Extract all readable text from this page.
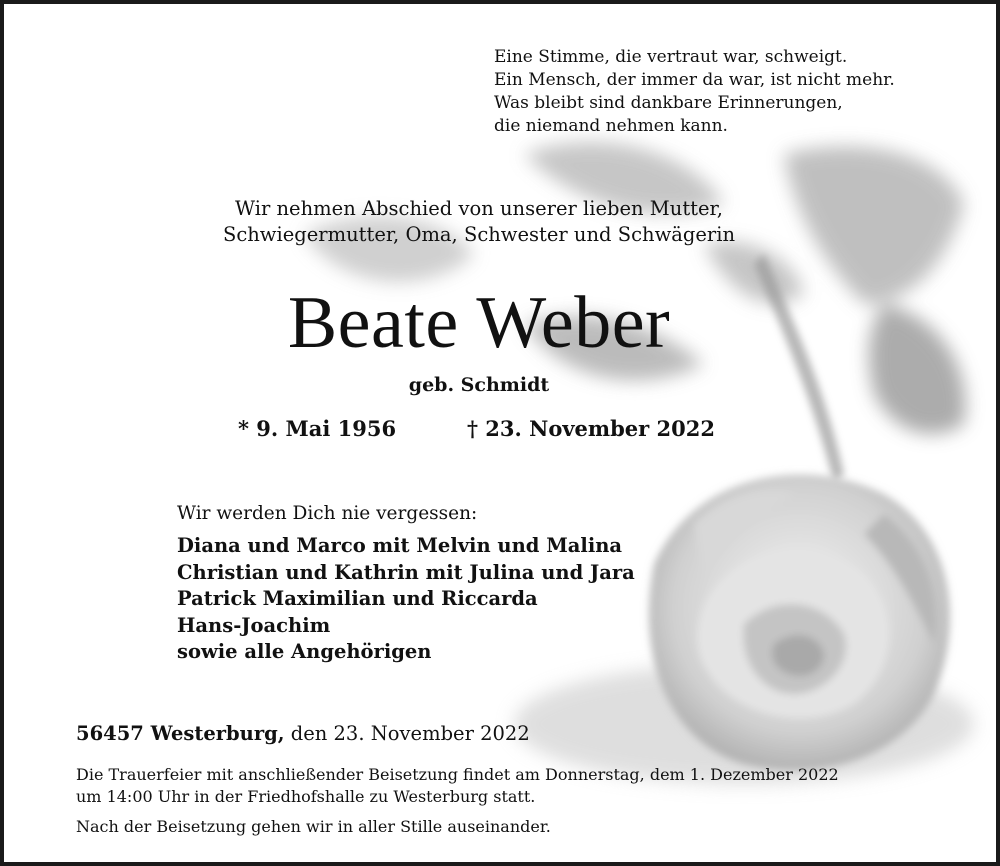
Eine Stimme, die vertraut war, schweigt.
Ein Mensch, der immer da war, ist nicht mehr.
Was bleibt sind dankbare Erinnerungen,
die niemand nehmen kann.
Wir nehmen Abschied von unserer lieben Mutter,
Schwiegermutter, Oma, Schwester und Schwägerin
Beate Weber
geb. Schmidt
* 9. Mai 1956	† 23. November 2022
Wir werden Dich nie vergessen:
Diana und Marco mit Melvin und Malina
Christian und Kathrin mit Julina und Jara
Patrick Maximilian und Riccarda
Hans-Joachim
sowie alle Angehörigen
56457 Westerburg, den 23. November 2022
Die Trauerfeier mit anschließender Beisetzung findet am Donnerstag, dem 1. Dezember 2022
um 14:00 Uhr in der Friedhofshalle zu Westerburg statt.
Nach der Beisetzung gehen wir in aller Stille auseinander.
